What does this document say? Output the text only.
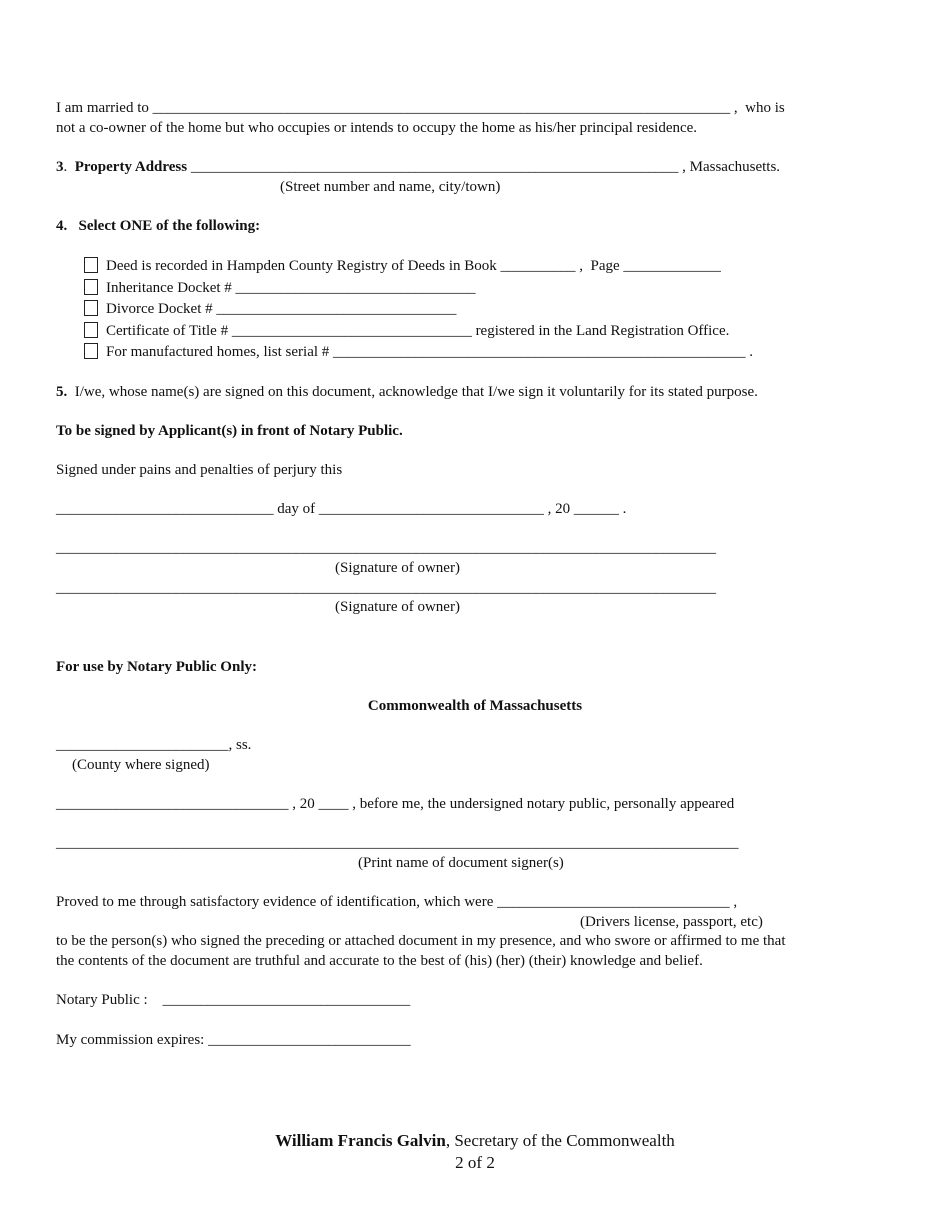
I am married to _____________________________________________________________________________ ,  who is
not a co-owner of the home but who occupies or intends to occupy the home as his/her principal residence.
3.  Property Address _________________________________________________________________ , Massachusetts.
(Street number and name, city/town)
4.   Select ONE of the following:
Deed is recorded in Hampden County Registry of Deeds in Book __________ ,  Page _____________
Inheritance Docket # ________________________________
Divorce Docket # ________________________________
Certificate of Title # ________________________________ registered in the Land Registration Office.
For manufactured homes, list serial # _______________________________________________________ .
5.  I/we, whose name(s) are signed on this document, acknowledge that I/we sign it voluntarily for its stated purpose.
To be signed by Applicant(s) in front of Notary Public.
Signed under pains and penalties of perjury this
_____________________________ day of ______________________________ , 20 ______ .
________________________________________________________________________________________
(Signature of owner)
________________________________________________________________________________________
(Signature of owner)
For use by Notary Public Only:
Commonwealth of Massachusetts
_______________________, ss.
(County where signed)
_______________________________ , 20 ____ , before me, the undersigned notary public, personally appeared
___________________________________________________________________________________________
(Print name of document signer(s)
Proved to me through satisfactory evidence of identification, which were _______________________________ ,
(Drivers license, passport, etc)
to be the person(s) who signed the preceding or attached document in my presence, and who swore or affirmed to me that
the contents of the document are truthful and accurate to the best of (his) (her) (their) knowledge and belief.
Notary Public :    _________________________________
My commission expires: ___________________________
William Francis Galvin, Secretary of the Commonwealth
2 of 2
